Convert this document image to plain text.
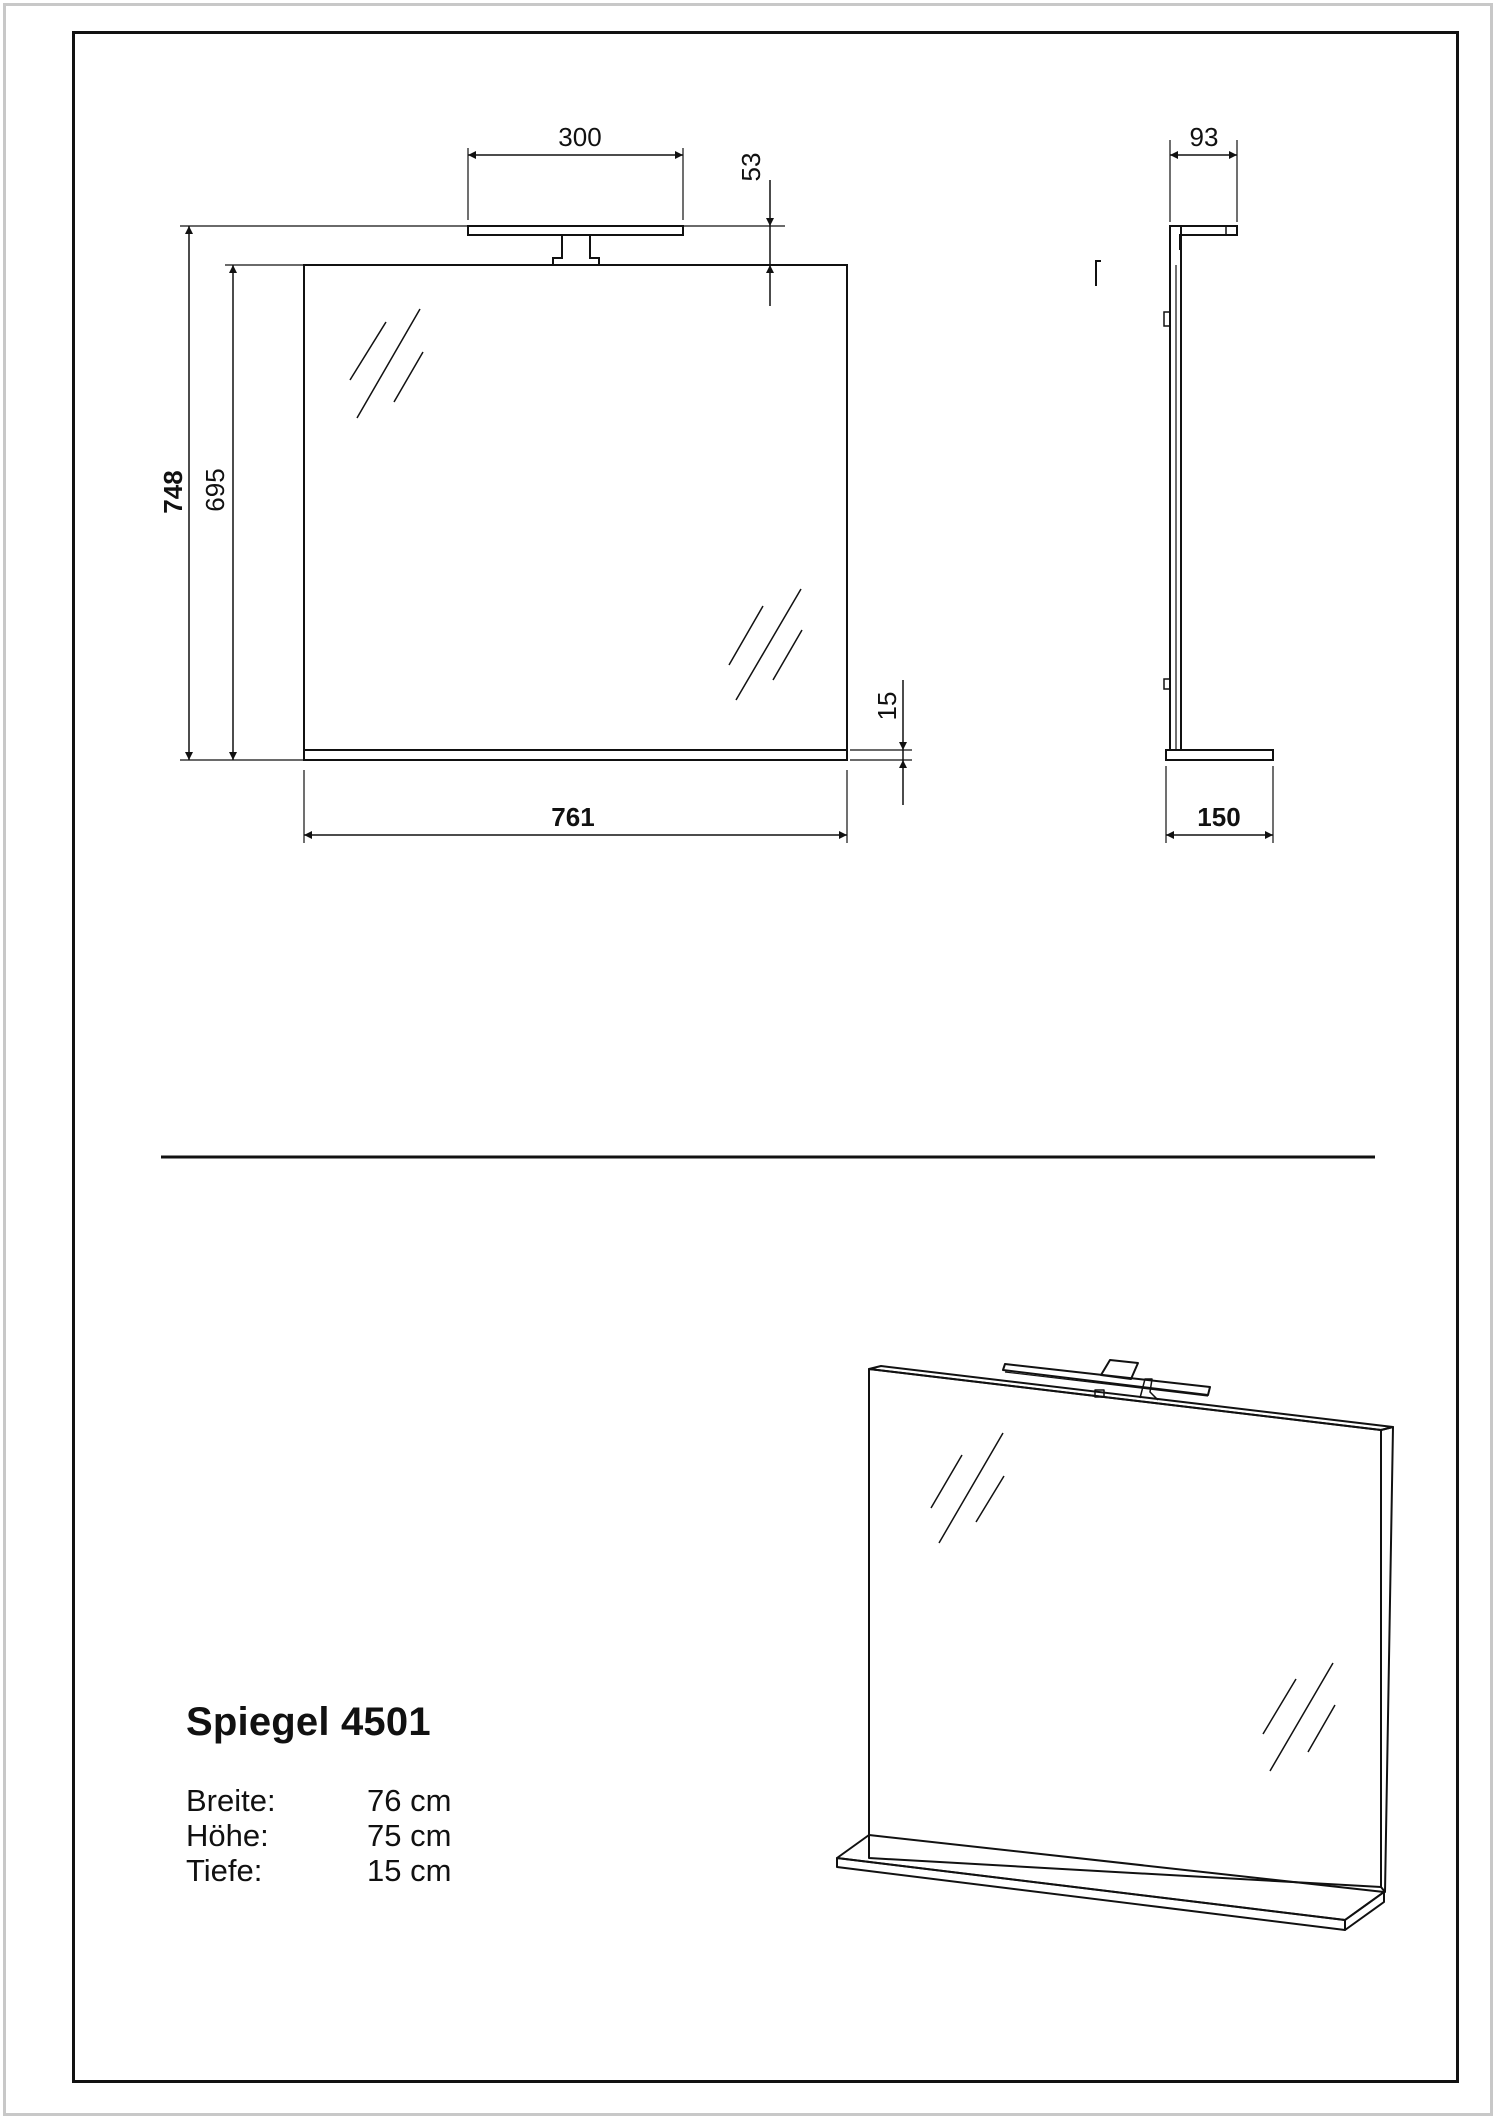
300
53
748 695
15
761
93
150
Spiegel 4501
Breite:	76 cm
Höhe:	75 cm
Tiefe:	15 cm
